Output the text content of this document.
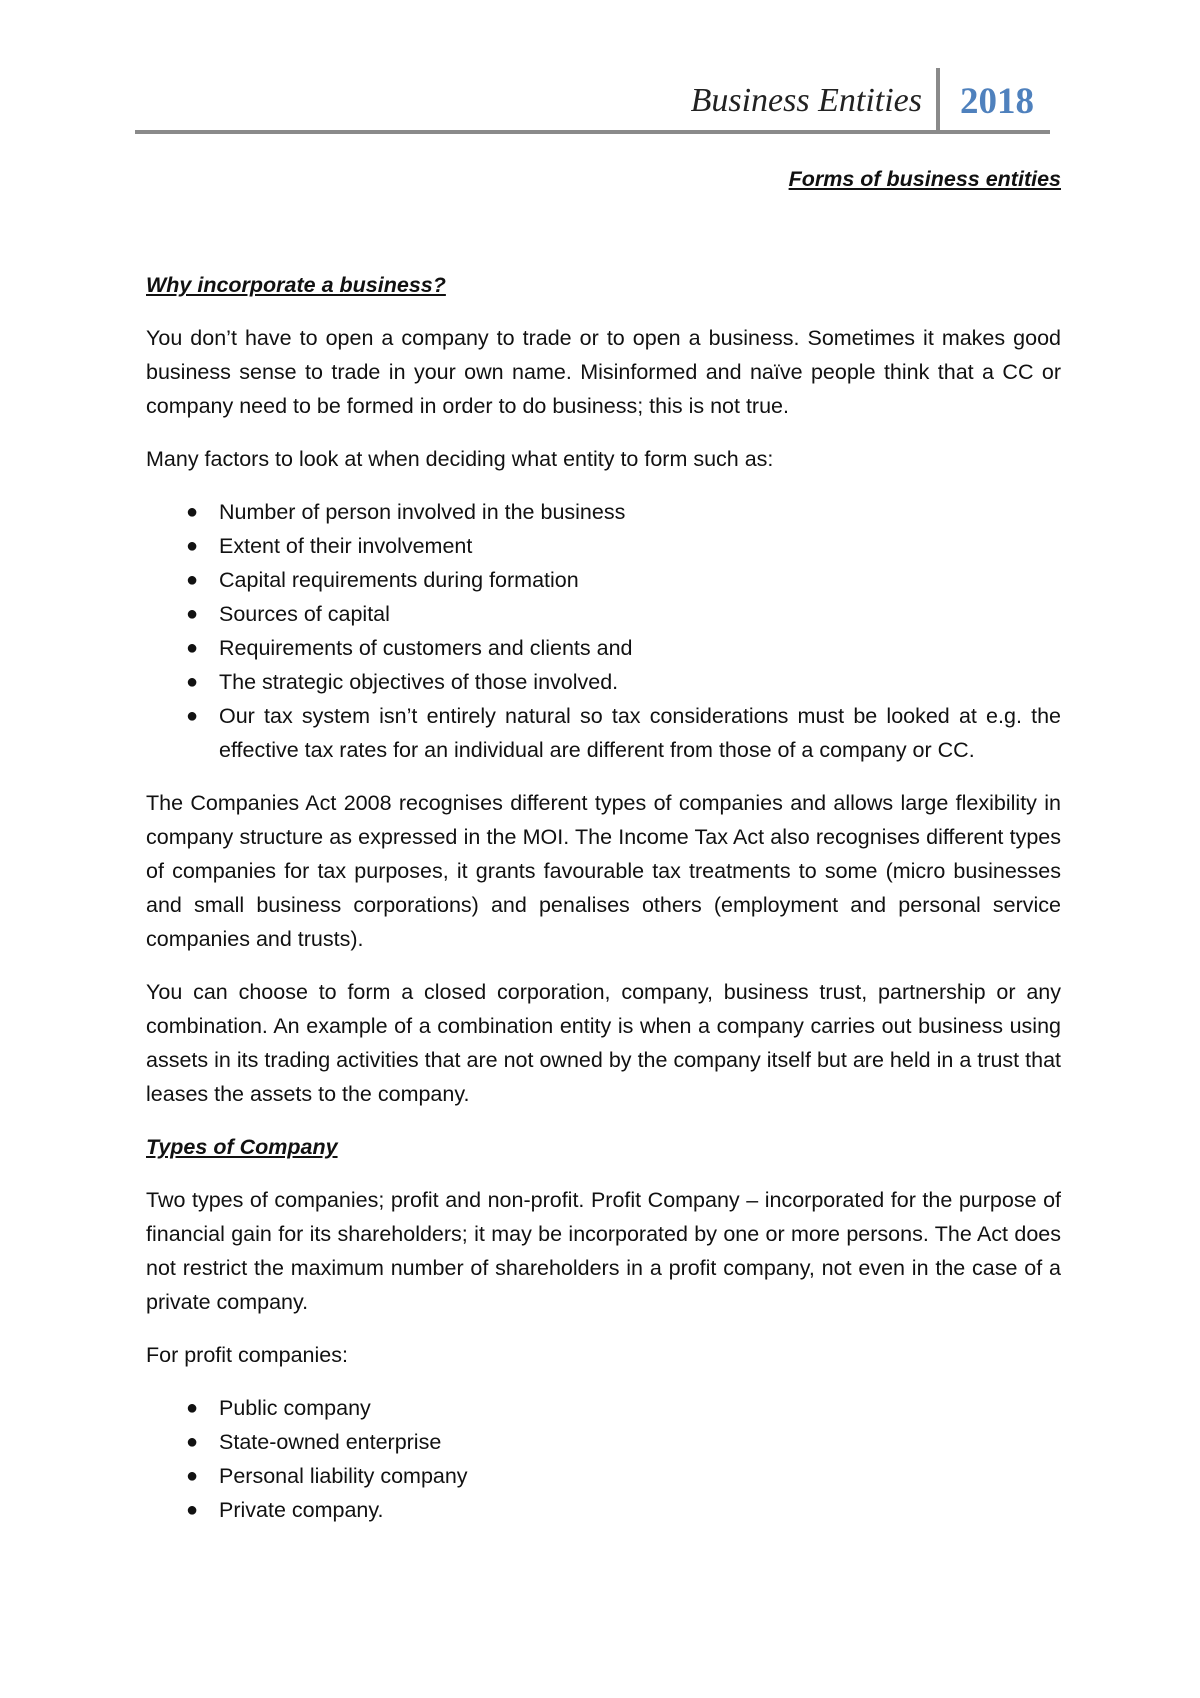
Business Entities 2018

Forms of business entities

Why incorporate a business?

You don’t have to open a company to trade or to open a business. Sometimes it makes good business sense to trade in your own name. Misinformed and naïve people think that a CC or company need to be formed in order to do business; this is not true.

Many factors to look at when deciding what entity to form such as:

● Number of person involved in the business
● Extent of their involvement
● Capital requirements during formation
● Sources of capital
● Requirements of customers and clients and
● The strategic objectives of those involved.
● Our tax system isn’t entirely natural so tax considerations must be looked at e.g. the effective tax rates for an individual are different from those of a company or CC.

The Companies Act 2008 recognises different types of companies and allows large flexibility in company structure as expressed in the MOI. The Income Tax Act also recognises different types of companies for tax purposes, it grants favourable tax treatments to some (micro businesses and small business corporations) and penalises others (employment and personal service companies and trusts).

You can choose to form a closed corporation, company, business trust, partnership or any combination. An example of a combination entity is when a company carries out business using assets in its trading activities that are not owned by the company itself but are held in a trust that leases the assets to the company.

Types of Company

Two types of companies; profit and non-profit. Profit Company – incorporated for the purpose of financial gain for its shareholders; it may be incorporated by one or more persons. The Act does not restrict the maximum number of shareholders in a profit company, not even in the case of a private company.

For profit companies:

● Public company
● State-owned enterprise
● Personal liability company
● Private company.
